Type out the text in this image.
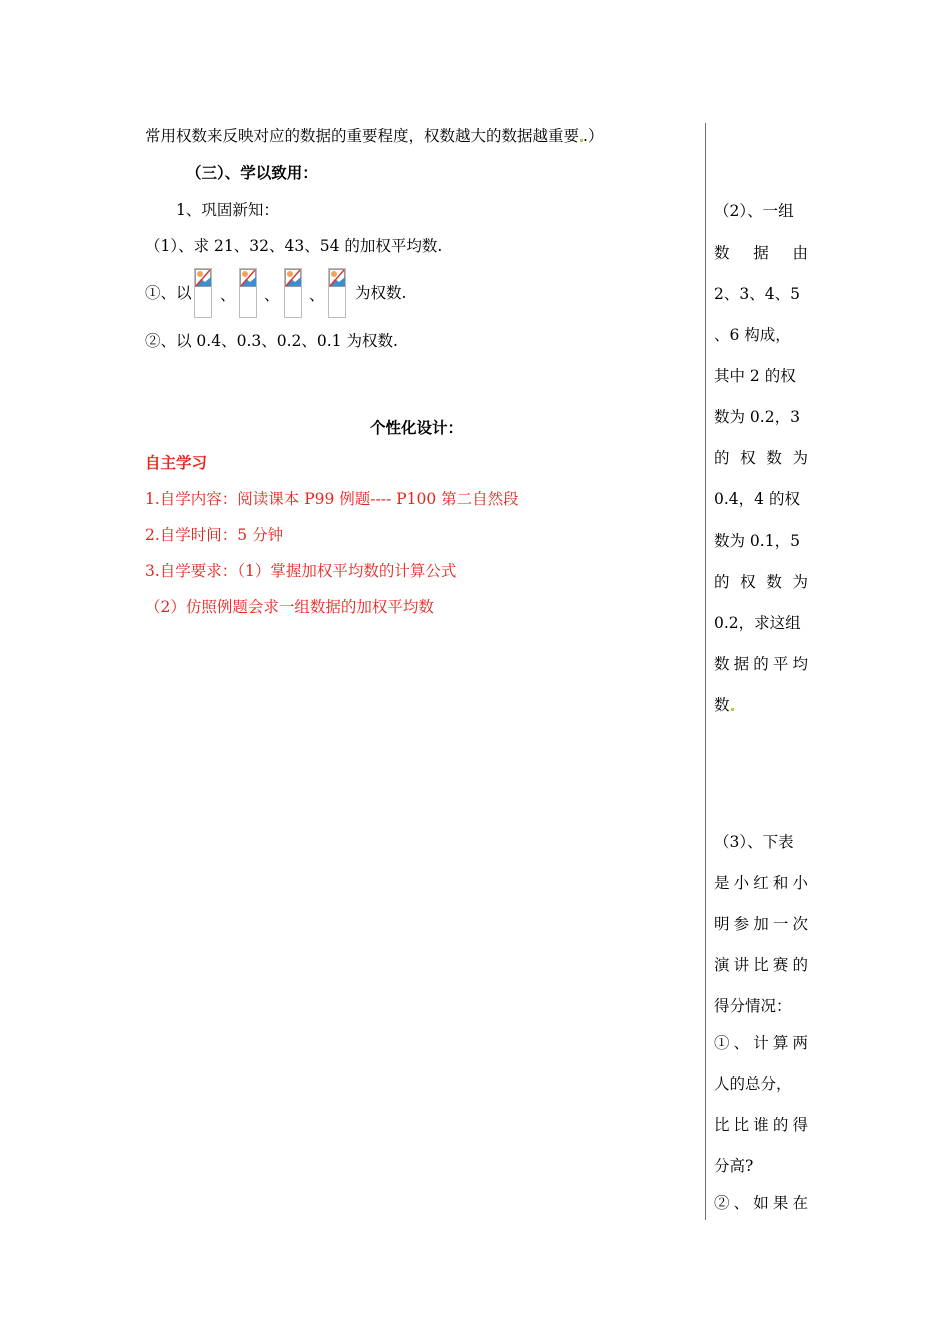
常用权数来反映对应的数据的重要程度，权数越大的数据越重要 .）
（三）、学以致用：
1、巩固新知：
（1）、求 21、32、43、54 的加权平均数.
①、以 、 、 、 为权数.
②、以 0.4、0.3、0.2、0.1 为权数.
个性化设计：
自主学习
1.自学内容：阅读课本 P99 例题---- P100 第二自然段
2.自学时间：5 分钟
3.自学要求：（1）掌握加权平均数的计算公式
（2）仿照例题会求一组数据的加权平均数
（2）、一组
数 据 由
2、3、4、5
、6 构成，
其中 2 的权
数为 0.2，3
的 权 数 为
0.4，4 的权
数为 0.1，5
的 权 数 为
0.2，求这组
数据的平均
数
（3）、下表
是小红和小
明参加一次
演讲比赛的
得分情况：
①、计算两
人的总分，
比比谁的得
分高?
②、如果在
